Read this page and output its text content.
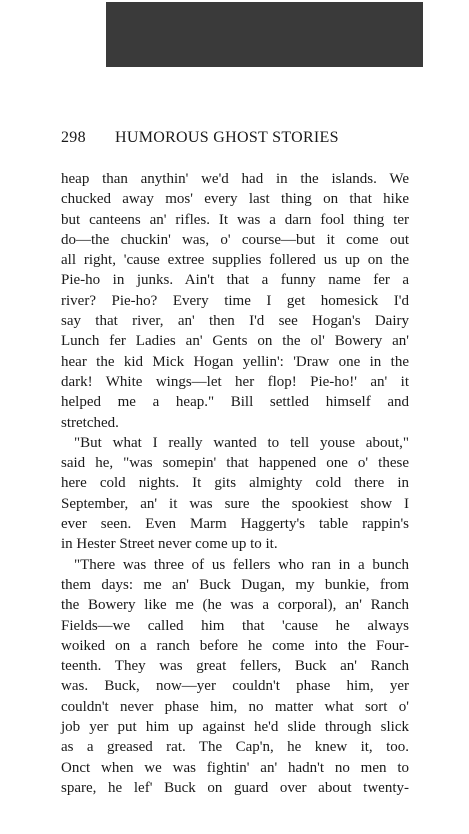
298 HUMOROUS GHOST STORIES
heap than anythin' we'd had in the islands. We
chucked away mos' every last thing on that hike
but canteens an' rifles. It was a darn fool thing ter
do—the chuckin' was, o' course—but it come out
all right, 'cause extree supplies follered us up on the
Pie-ho in junks. Ain't that a funny name fer a
river? Pie-ho? Every time I get homesick I'd
say that river, an' then I'd see Hogan's Dairy
Lunch fer Ladies an' Gents on the ol' Bowery an'
hear the kid Mick Hogan yellin': 'Draw one in the
dark! White wings—let her flop! Pie-ho!' an' it
helped me a heap." Bill settled himself and
stretched.
"But what I really wanted to tell youse about,"
said he, "was somepin' that happened one o' these
here cold nights. It gits almighty cold there in
September, an' it was sure the spookiest show I
ever seen. Even Marm Haggerty's table rappin's
in Hester Street never come up to it.
"There was three of us fellers who ran in a bunch
them days: me an' Buck Dugan, my bunkie, from
the Bowery like me (he was a corporal), an' Ranch
Fields—we called him that 'cause he always
woiked on a ranch before he come into the Four-
teenth. They was great fellers, Buck an' Ranch
was. Buck, now—yer couldn't phase him, yer
couldn't never phase him, no matter what sort o'
job yer put him up against he'd slide through slick
as a greased rat. The Cap'n, he knew it, too.
Onct when we was fightin' an' hadn't no men to
spare, he lef' Buck on guard over about twenty-
